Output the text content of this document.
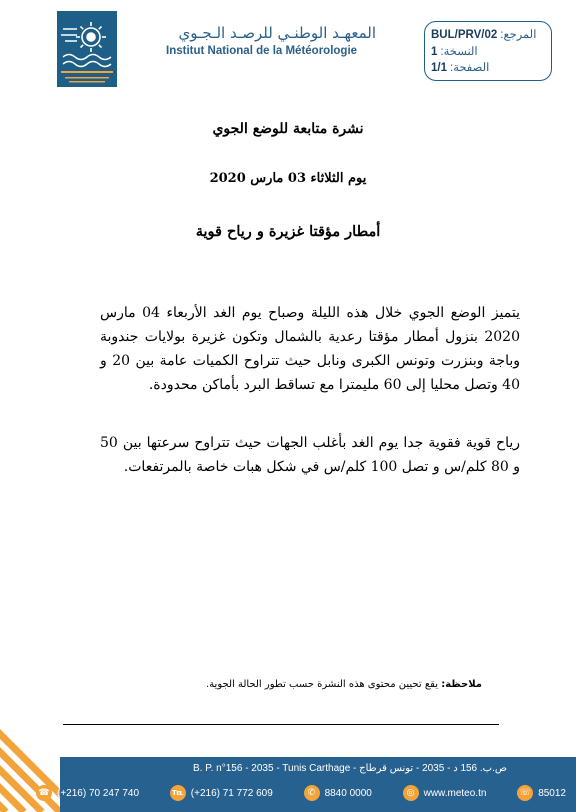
المعهـد الوطنـي للرصـد الـجـوي
Institut National de la Météorologie
المرجع:
BUL/PRV/02
النسخة:
1
الصفحة:
1/1
نشرة متابعة للوضع الجوي
يوم الثلاثاء 03 مارس 2020
أمطار مؤقتا غزيرة و رياح قوية
يتميز الوضع الجوي خلال هذه الليلة وصباح يوم الغد الأربعاء 04 مارس 2020 بنزول أمطار مؤقتا رعدية بالشمال وتكون غزيرة بولايات جندوبة وباجة وبنزرت وتونس الكبرى ونابل حيث تتراوح الكميات عامة بين 20 و 40 وتصل محليا إلى 60 مليمترا مع تساقط البرد بأماكن محدودة.
رياح قوية فقوية جدا يوم الغد بأغلب الجهات حيث تتراوح سرعتها بين 50 و 80 كلم/س و تصل 100 كلم/س في شكل هبات خاصة بالمرتفعات.
ملاحظة: يقع تحيين محتوى هذه النشرة حسب تطور الحالة الجوية.
B. P. n°156 - 2035 - Tunis Carthage - ص.ب. 156 د - 2035 - تونس قرطاج
☎ (+216) 70 247 740	℡ (+216) 71 772 609	✆ 8840 0000	◎ www.meteo.tn	☏ 85012
